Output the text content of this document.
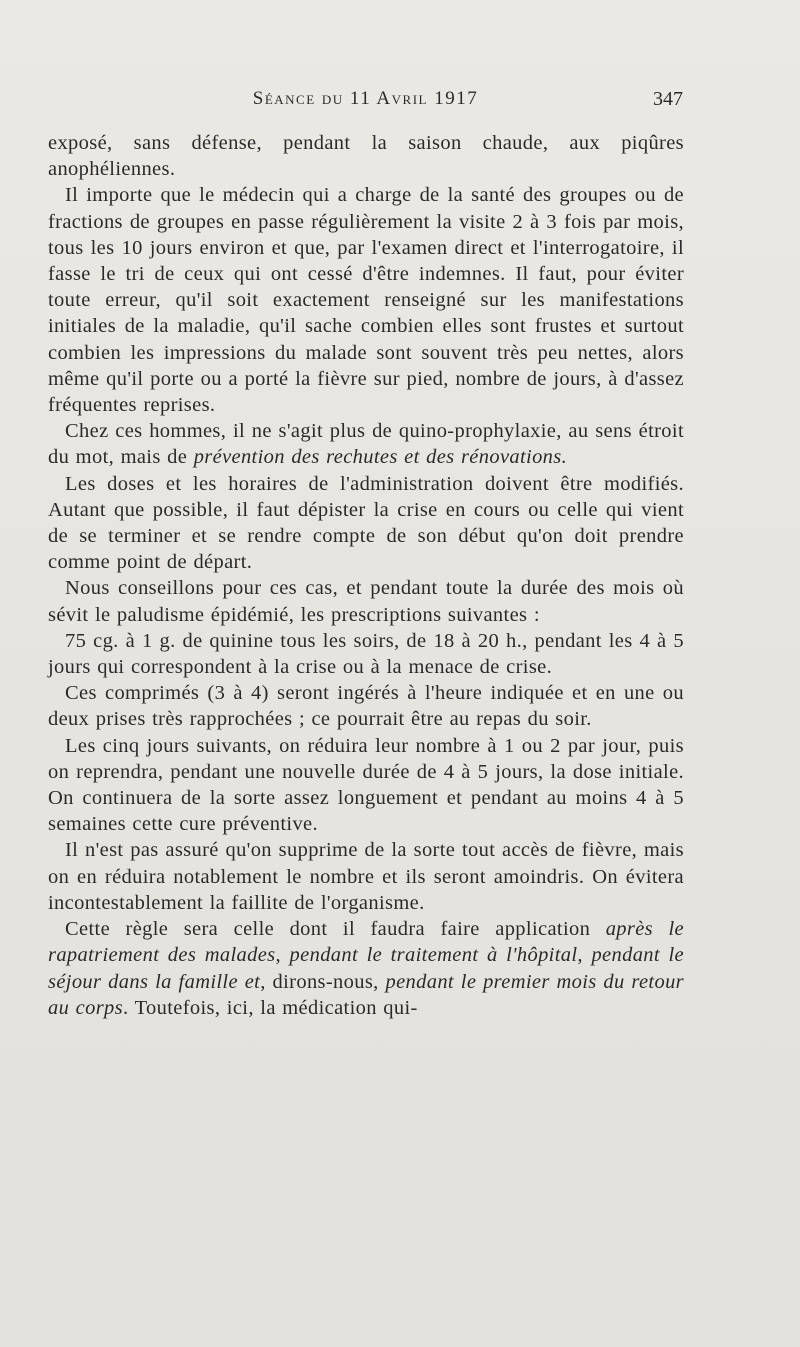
Séance du 11 Avril 1917	347

exposé, sans défense, pendant la saison chaude, aux piqûres anophéliennes.

Il importe que le médecin qui a charge de la santé des groupes ou de fractions de groupes en passe régulièrement la visite 2 à 3 fois par mois, tous les 10 jours environ et que, par l'examen direct et l'interrogatoire, il fasse le tri de ceux qui ont cessé d'être indemnes. Il faut, pour éviter toute erreur, qu'il soit exactement renseigné sur les manifestations initiales de la maladie, qu'il sache combien elles sont frustes et surtout combien les impressions du malade sont souvent très peu nettes, alors même qu'il porte ou a porté la fièvre sur pied, nombre de jours, à d'assez fréquentes reprises.

Chez ces hommes, il ne s'agit plus de quino-prophylaxie, au sens étroit du mot, mais de prévention des rechutes et des rénovations.

Les doses et les horaires de l'administration doivent être modifiés. Autant que possible, il faut dépister la crise en cours ou celle qui vient de se terminer et se rendre compte de son début qu'on doit prendre comme point de départ.

Nous conseillons pour ces cas, et pendant toute la durée des mois où sévit le paludisme épidémié, les prescriptions suivantes :

75 cg. à 1 g. de quinine tous les soirs, de 18 à 20 h., pendant les 4 à 5 jours qui correspondent à la crise ou à la menace de crise.

Ces comprimés (3 à 4) seront ingérés à l'heure indiquée et en une ou deux prises très rapprochées ; ce pourrait être au repas du soir.

Les cinq jours suivants, on réduira leur nombre à 1 ou 2 par jour, puis on reprendra, pendant une nouvelle durée de 4 à 5 jours, la dose initiale. On continuera de la sorte assez longuement et pendant au moins 4 à 5 semaines cette cure préventive.

Il n'est pas assuré qu'on supprime de la sorte tout accès de fièvre, mais on en réduira notablement le nombre et ils seront amoindris. On évitera incontestablement la faillite de l'organisme.

Cette règle sera celle dont il faudra faire application après le rapatriement des malades, pendant le traitement à l'hôpital, pendant le séjour dans la famille et, dirons-nous, pendant le premier mois du retour au corps. Toutefois, ici, la médication qui-
